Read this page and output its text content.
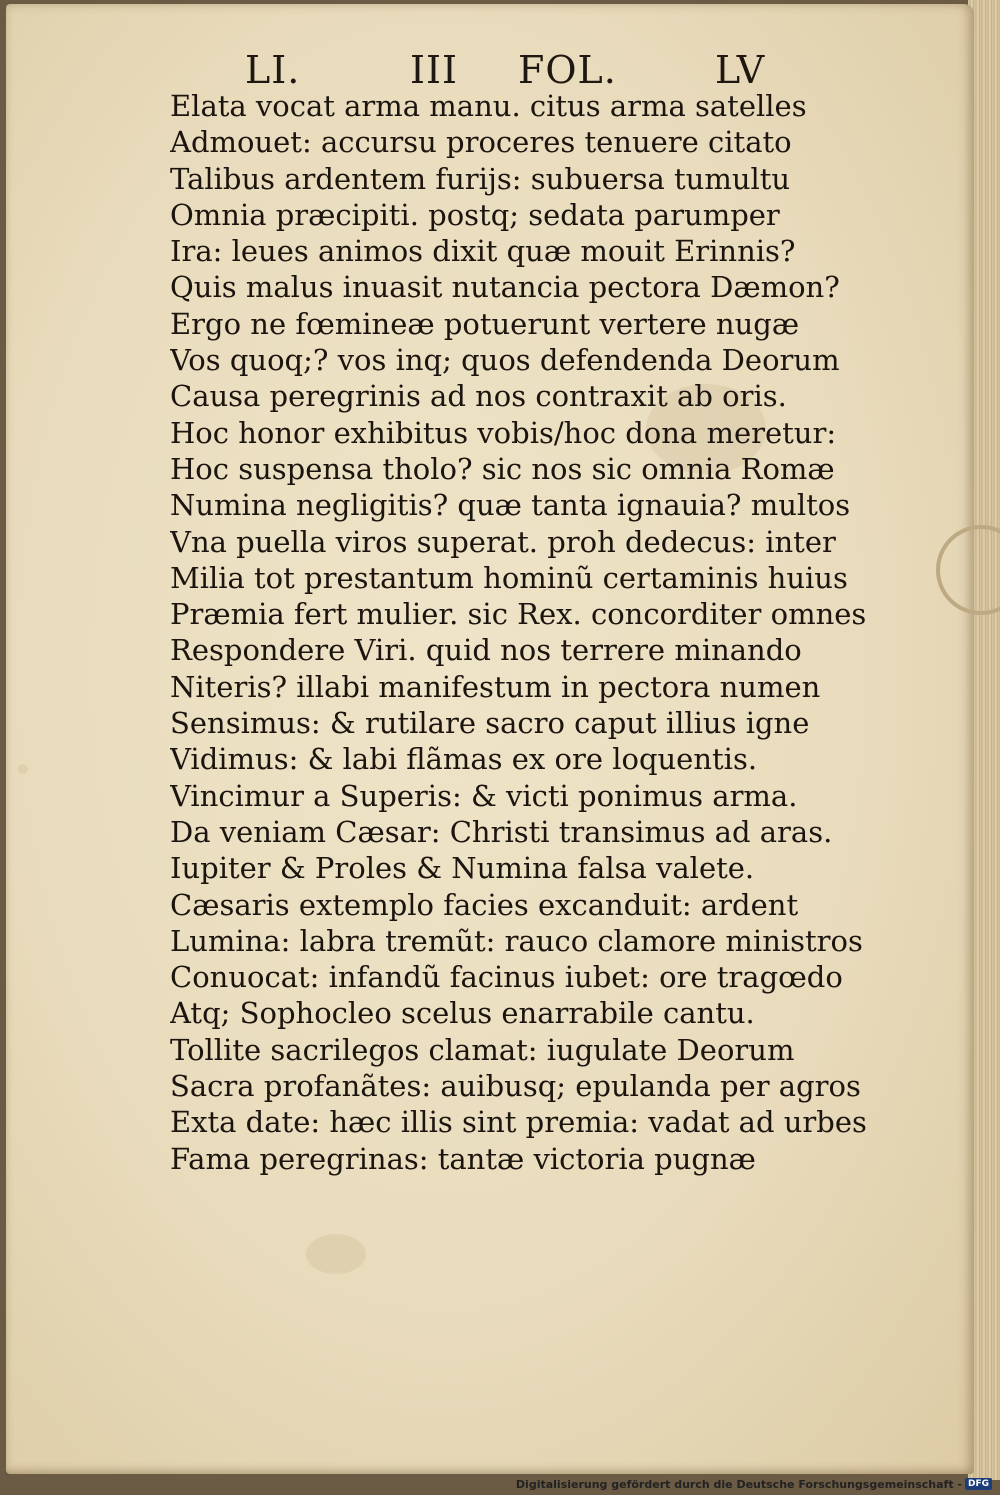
LI.	III FOL.	LV
Elata vocat arma manu. citus arma satelles
Admouet: accursu proceres tenuere citato
Talibus ardentem furijs: subuersa tumultu
Omnia præcipiti. postq; sedata parumper
Ira: leues animos dixit quæ mouit Erinnis?
Quis malus inuasit nutancia pectora Dæmon?
Ergo ne fœmineæ potuerunt vertere nugæ
Vos quoq;? vos inq; quos defendenda Deorum
Causa peregrinis ad nos contraxit ab oris.
Hoc honor exhibitus vobis/hoc dona meretur:
Hoc suspensa tholo? sic nos sic omnia Romæ
Numina negligitis? quæ tanta ignauia? multos
Vna puella viros superat. proh dedecus: inter
Milia tot prestantum hominũ certaminis huius
Præmia fert mulier. sic Rex. concorditer omnes
Respondere Viri. quid nos terrere minando
Niteris? illabi manifestum in pectora numen
Sensimus: & rutilare sacro caput illius igne
Vidimus: & labi flãmas ex ore loquentis.
Vincimur a Superis: & victi ponimus arma.
Da veniam Cæsar: Christi transimus ad aras.
Iupiter & Proles & Numina falsa valete.
Cæsaris extemplo facies excanduit: ardent
Lumina: labra tremũt: rauco clamore ministros
Conuocat: infandũ facinus iubet: ore tragœdo
Atq; Sophocleo scelus enarrabile cantu.
Tollite sacrilegos clamat: iugulate Deorum
Sacra profanãtes: auibusq; epulanda per agros
Exta date: hæc illis sint premia: vadat ad urbes
Fama peregrinas: tantæ victoria pugnæ
Digitalisierung gefördert durch die Deutsche Forschungsgemeinschaft - DFG
